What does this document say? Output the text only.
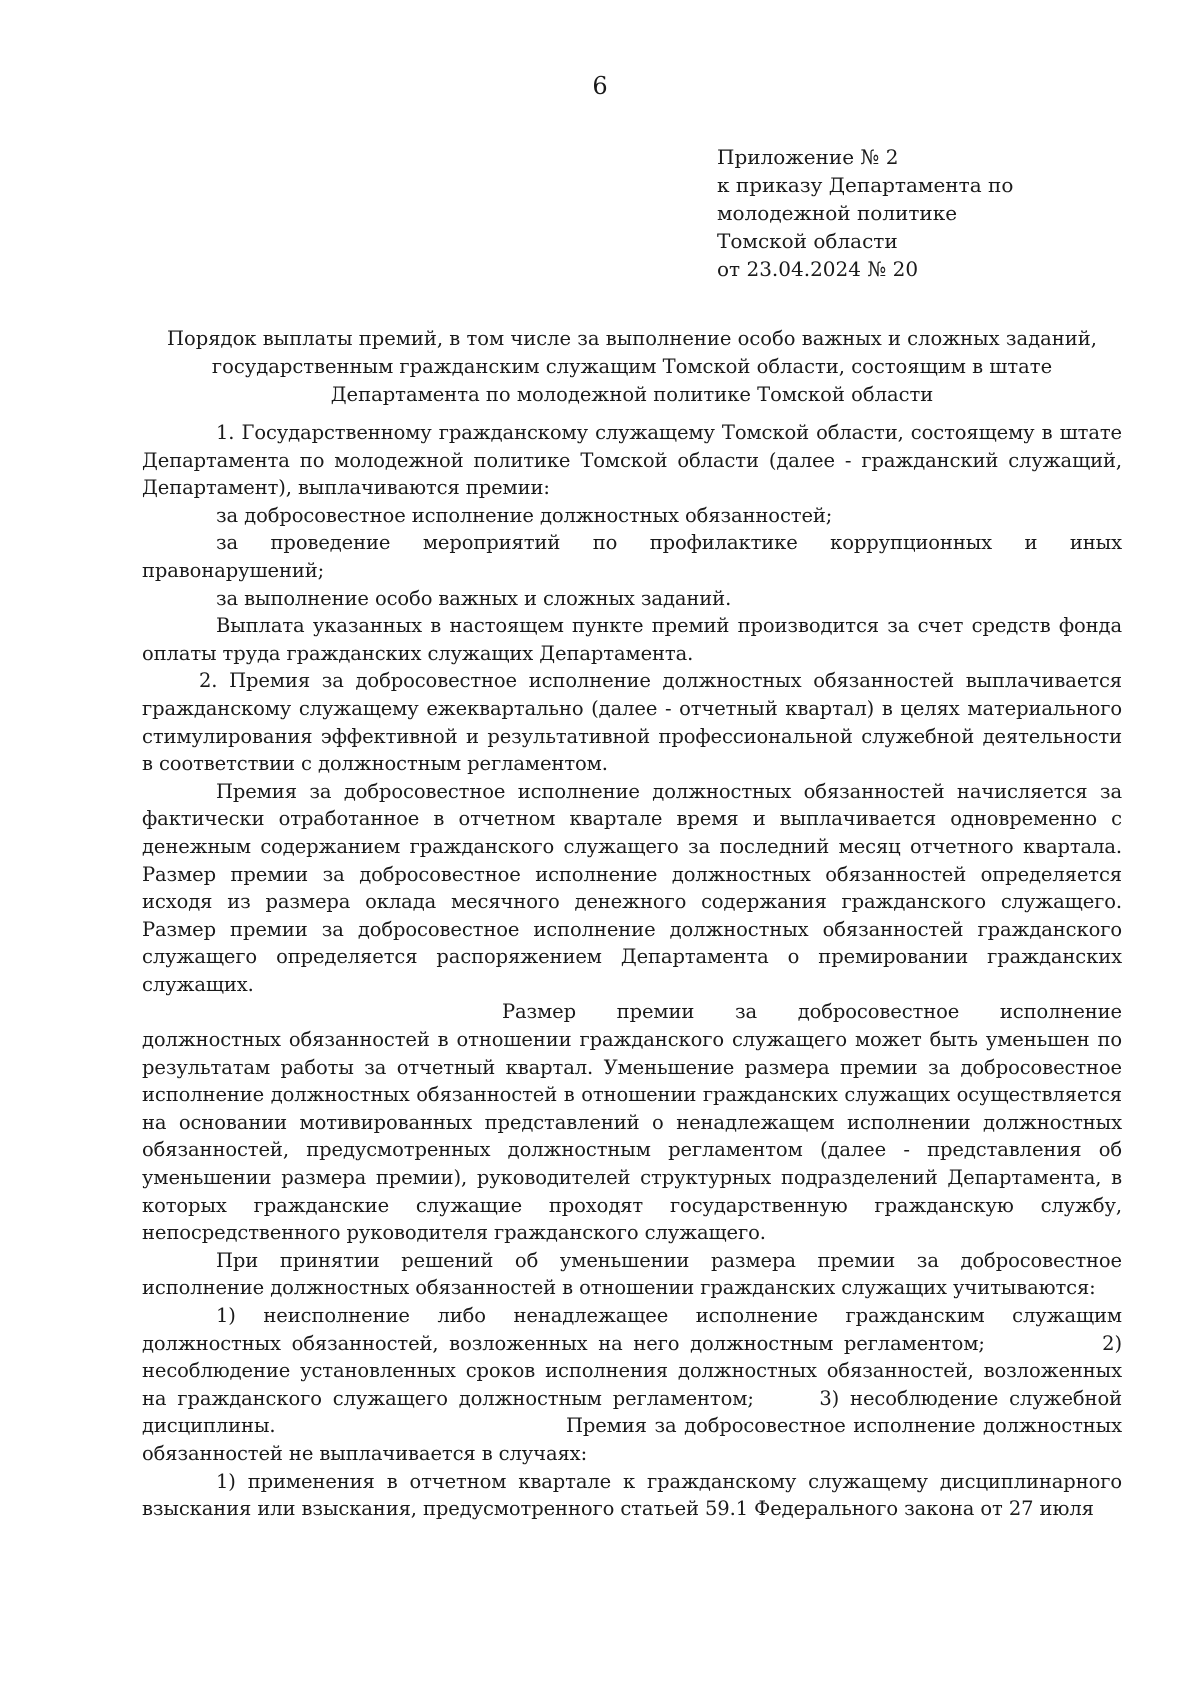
6
Приложение № 2
к приказу Департамента по
молодежной политике
Томской области
от 23.04.2024 № 20
Порядок выплаты премий, в том числе за выполнение особо важных и сложных заданий,
государственным гражданским служащим Томской области, состоящим в штате
Департамента по молодежной политике Томской области

1. Государственному гражданскому служащему Томской области, состоящему в штате Департамента по молодежной политике Томской области (далее - гражданский служащий, Департамент), выплачиваются премии:

за добросовестное исполнение должностных обязанностей;

за проведение мероприятий по профилактике коррупционных и иных правонарушений;

за выполнение особо важных и сложных заданий.

Выплата указанных в настоящем пункте премий производится за счет средств фонда оплаты труда гражданских служащих Департамента.

2. Премия за добросовестное исполнение должностных обязанностей выплачивается гражданскому служащему ежеквартально (далее - отчетный квартал) в целях материального стимулирования эффективной и результативной профессиональной служебной деятельности в соответствии с должностным регламентом.

Премия за добросовестное исполнение должностных обязанностей начисляется за фактически отработанное в отчетном квартале время и выплачивается одновременно с денежным содержанием гражданского служащего за последний месяц отчетного квартала. Размер премии за добросовестное исполнение должностных обязанностей определяется исходя из размера оклада месячного денежного содержания гражданского служащего. Размер премии за добросовестное исполнение должностных обязанностей гражданского служащего определяется распоряжением Департамента о премировании гражданских служащих.

Размер премии за добросовестное исполнение должностных обязанностей в отношении гражданского служащего может быть уменьшен по результатам работы за отчетный квартал. Уменьшение размера премии за добросовестное исполнение должностных обязанностей в отношении гражданских служащих осуществляется на основании мотивированных представлений о ненадлежащем исполнении должностных обязанностей, предусмотренных должностным регламентом (далее - представления об уменьшении размера премии), руководителей структурных подразделений Департамента, в которых гражданские служащие проходят государственную гражданскую службу, непосредственного руководителя гражданского служащего.

При принятии решений об уменьшении размера премии за добросовестное исполнение должностных обязанностей в отношении гражданских служащих учитываются:

1) неисполнение либо ненадлежащее исполнение гражданским служащим должностных обязанностей, возложенных на него должностным регламентом;           2) несоблюдение установленных сроков исполнения должностных обязанностей, возложенных на гражданского служащего должностным регламентом;      3) несоблюдение служебной дисциплины.                                      Премия за добросовестное исполнение должностных обязанностей не выплачивается в случаях:

1) применения в отчетном квартале к гражданскому служащему дисциплинарного взыскания или взыскания, предусмотренного статьей 59.1 Федерального закона от 27 июля
